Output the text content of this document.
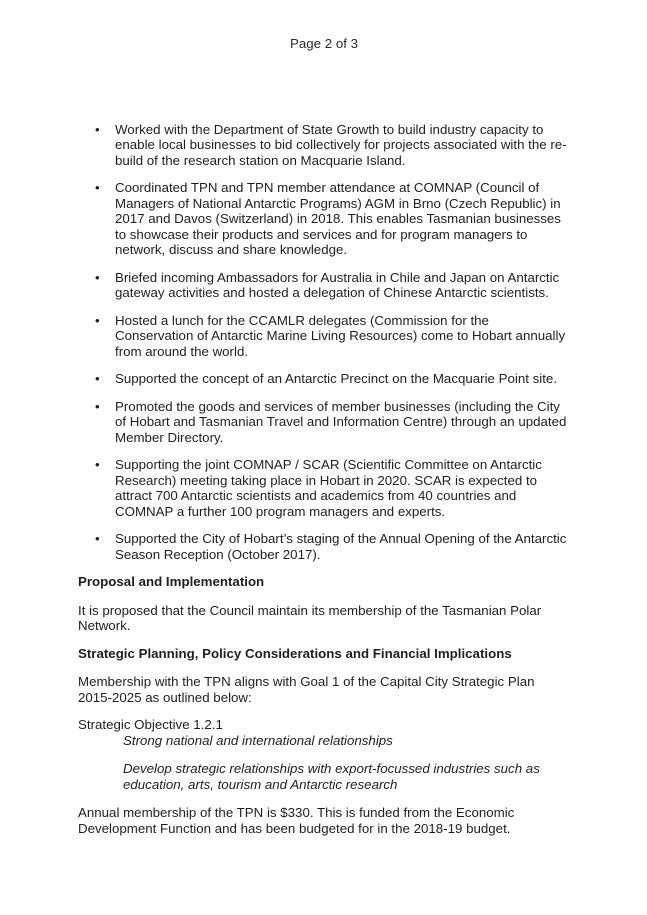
Page 2 of 3
•	Worked with the Department of State Growth to build industry capacity to enable local businesses to bid collectively for projects associated with the re-build of the research station on Macquarie Island.
•	Coordinated TPN and TPN member attendance at COMNAP (Council of Managers of National Antarctic Programs) AGM in Brno (Czech Republic) in 2017 and Davos (Switzerland) in 2018. This enables Tasmanian businesses to showcase their products and services and for program managers to network, discuss and share knowledge.
•	Briefed incoming Ambassadors for Australia in Chile and Japan on Antarctic gateway activities and hosted a delegation of Chinese Antarctic scientists.
•	Hosted a lunch for the CCAMLR delegates (Commission for the Conservation of Antarctic Marine Living Resources) come to Hobart annually from around the world.
•	Supported the concept of an Antarctic Precinct on the Macquarie Point site.
•	Promoted the goods and services of member businesses (including the City of Hobart and Tasmanian Travel and Information Centre) through an updated Member Directory.
•	Supporting the joint COMNAP / SCAR (Scientific Committee on Antarctic Research) meeting taking place in Hobart in 2020. SCAR is expected to attract 700 Antarctic scientists and academics from 40 countries and COMNAP a further 100 program managers and experts.
•	Supported the City of Hobart’s staging of the Annual Opening of the Antarctic Season Reception (October 2017).
Proposal and Implementation

It is proposed that the Council maintain its membership of the Tasmanian Polar Network.

Strategic Planning, Policy Considerations and Financial Implications

Membership with the TPN aligns with Goal 1 of the Capital City Strategic Plan 2015-2025 as outlined below:

Strategic Objective 1.2.1
Strong national and international relationships
Develop strategic relationships with export-focussed industries such as education, arts, tourism and Antarctic research

Annual membership of the TPN is $330. This is funded from the Economic Development Function and has been budgeted for in the 2018-19 budget.
